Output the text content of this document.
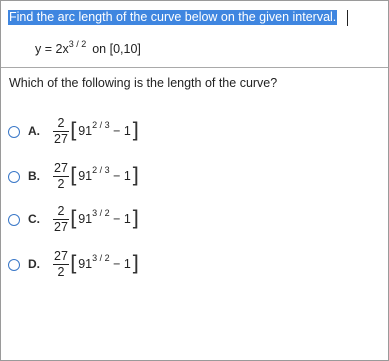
Find the arc length of the curve below on the given interval.
$y = 2x^{3 / 2}$ on [0,10]
Which of the following is the length of the curve?
A.
2
27 $[91^{2 / 3} - 1]$
B.
27
2 $[91^{2 / 3} - 1]$
C.
2
27 $[91^{3 / 2} - 1]$
D.
27
2 $[91^{3 / 2} - 1]$
